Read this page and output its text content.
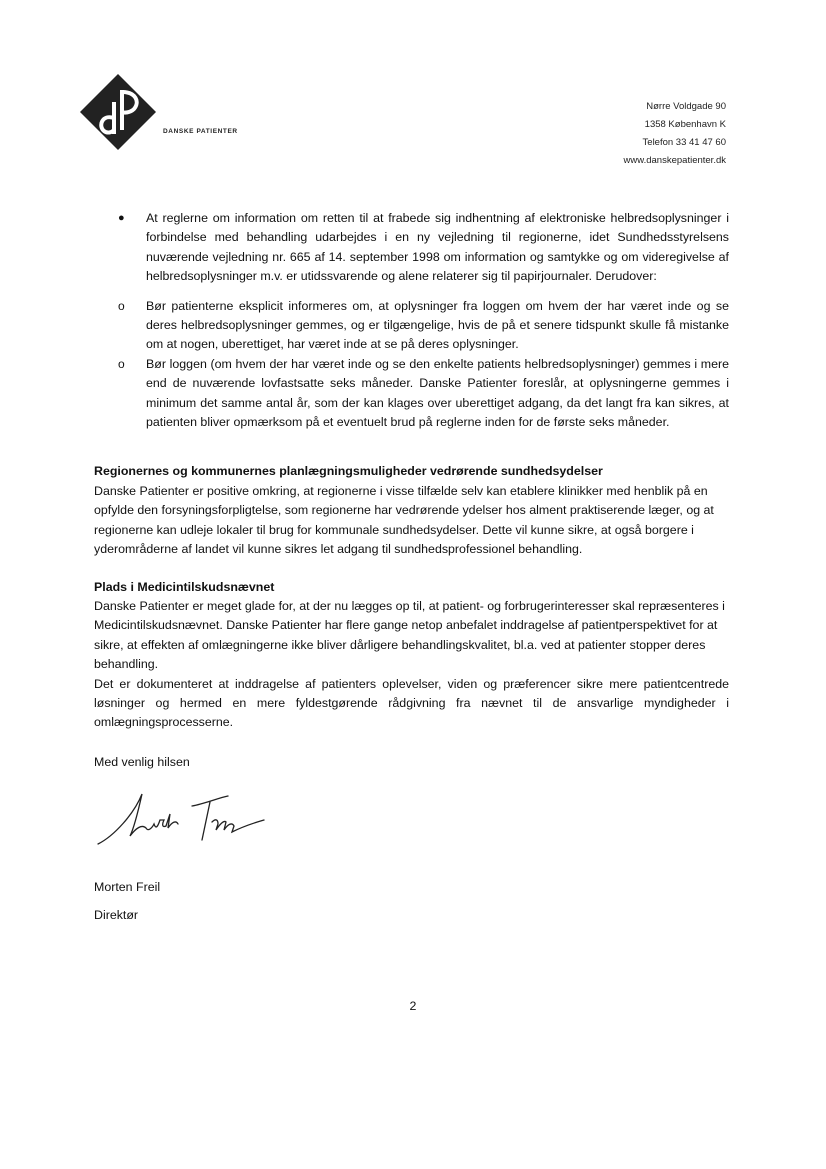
DANSKE PATIENTER
Nørre Voldgade 90
1358 København K
Telefon 33 41 47 60
www.danskepatienter.dk
● At reglerne om information om retten til at frabede sig indhentning af elektroniske helbredsoplysninger i forbindelse med behandling udarbejdes i en ny vejledning til regionerne, idet Sundhedsstyrelsens nuværende vejledning nr. 665 af 14. september 1998 om information og samtykke og om videregivelse af helbredsoplysninger m.v. er utidssvarende og alene relaterer sig til papirjournaler. Derudover:
o Bør patienterne eksplicit informeres om, at oplysninger fra loggen om hvem der har været inde og se deres helbredsoplysninger gemmes, og er tilgængelige, hvis de på et senere tidspunkt skulle få mistanke om at nogen, uberettiget, har været inde at se på deres oplysninger.
o Bør loggen (om hvem der har været inde og se den enkelte patients helbredsoplysninger) gemmes i mere end de nuværende lovfastsatte seks måneder. Danske Patienter foreslår, at oplysningerne gemmes i minimum det samme antal år, som der kan klages over uberettiget adgang, da det langt fra kan sikres, at patienten bliver opmærksom på et eventuelt brud på reglerne inden for de første seks måneder.
Regionernes og kommunernes planlægningsmuligheder vedrørende sundhedsydelser

Danske Patienter er positive omkring, at regionerne i visse tilfælde selv kan etablere klinikker med henblik på en opfylde den forsyningsforpligtelse, som regionerne har vedrørende ydelser hos alment praktiserende læger, og at regionerne kan udleje lokaler til brug for kommunale sundhedsydelser. Dette vil kunne sikre, at også borgere i yderområderne af landet vil kunne sikres let adgang til sundhedsprofessionel behandling.

Plads i Medicintilskudsnævnet

Danske Patienter er meget glade for, at der nu lægges op til, at patient- og forbrugerinteresser skal repræsenteres i Medicintilskudsnævnet. Danske Patienter har flere gange netop anbefalet inddragelse af patientperspektivet for at sikre, at effekten af omlægningerne ikke bliver dårligere behandlingskvalitet, bl.a. ved at patienter stopper deres behandling.

Det er dokumenteret at inddragelse af patienters oplevelser, viden og præferencer sikre mere patientcentrede løsninger og hermed en mere fyldestgørende rådgivning fra nævnet til de ansvarlige myndigheder i omlægningsprocesserne.

Med venlig hilsen
Morten Freil
Direktør
2
